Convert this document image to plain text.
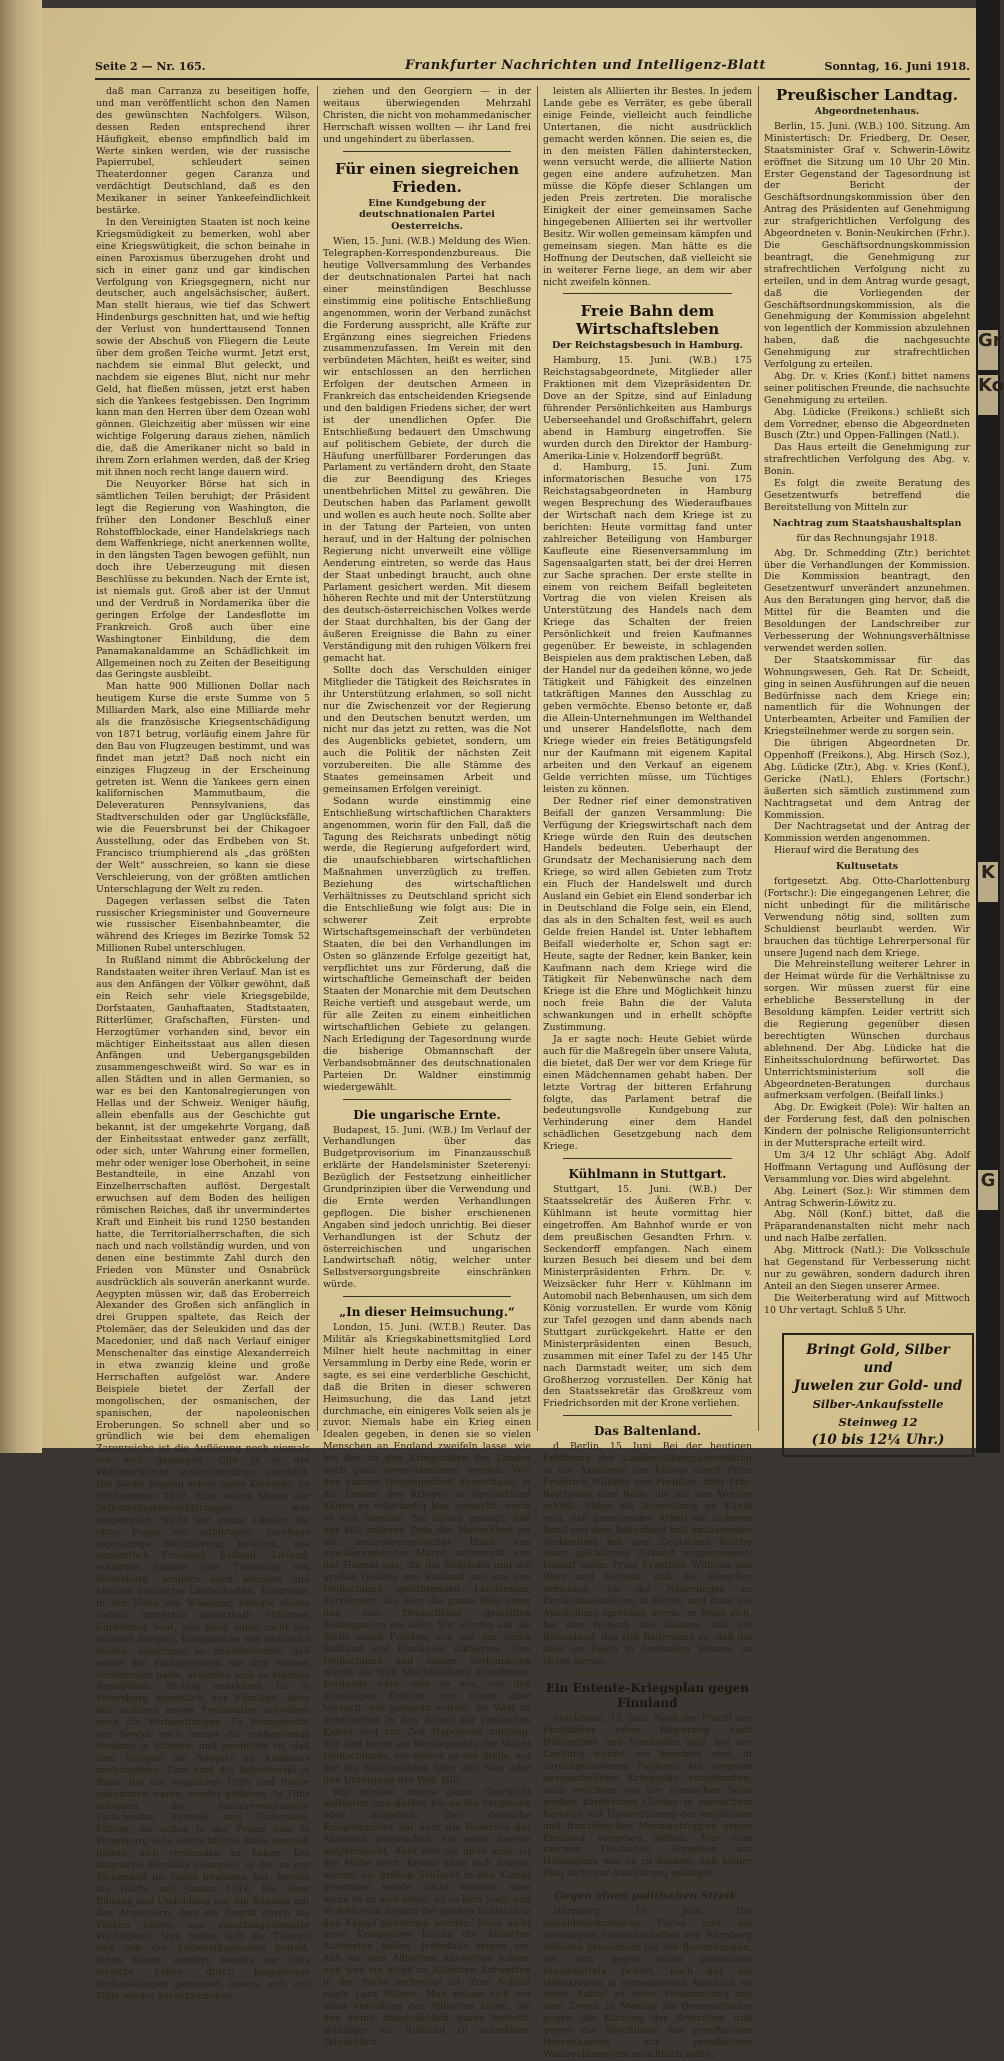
Gr
Ko
K
G
Seite 2 — Nr. 165.	Frankfurter Nachrichten und Intelligenz-Blatt	Sonntag, 16. Juni 1918.

daß man Carranza zu beseitigen hoffe, und man veröffentlicht schon den Namen des gewünschten Nachfolgers. Wilson, dessen Reden entsprechend ihrer Häufigkeit, ebenso empfindlich bald im Werte sinken werden, wie der russische Papierrubel, schleudert seinen Theaterdonner gegen Caranza und verdächtigt Deutschland, daß es den Mexikaner in seiner Yankeefeindlichkeit bestärke.

In den Vereinigten Staaten ist noch keine Kriegsmüdigkeit zu bemerken, wohl aber eine Kriegswütigkeit, die schon beinahe in einen Paroxismus überzugehen droht und sich in einer ganz und gar kindischen Verfolgung von Kriegsgegnern, nicht nur deutscher, auch angelsächsischer, äußert. Man stellt hieraus, wie tief das Schwert Hindenburgs geschnitten hat, und wie heftig der Verlust von hunderttausend Tonnen sowie der Abschuß von Fliegern die Leute über dem großen Teiche wurmt. Jetzt erst, nachdem sie einmal Blut geleckt, und nachdem sie eigenes Blut, nicht nur mehr Geld, hat fließen müssen, jetzt erst haben sich die Yankees festgebissen. Den Ingrimm kann man den Herren über dem Ozean wohl gönnen. Gleichzeitig aber müssen wir eine wichtige Folgerung daraus ziehen, nämlich die, daß die Amerikaner nicht so bald in ihrem Zorn erlahmen werden, daß der Krieg mit ihnen noch recht lange dauern wird.

Die Neuyorker Börse hat sich in sämtlichen Teilen beruhigt; der Präsident legt die Regierung von Washington, die früher den Londoner Beschluß einer Rohstoffblockade, einer Handelskriegs nach dem Waffenkriege, nicht anerkennen wollte, in den längsten Tagen bewogen gefühlt, nun doch ihre Ueberzeugung mit diesen Beschlüsse zu bekunden. Nach der Ernte ist, ist niemals gut. Groß aber ist der Unmut und der Verdruß in Nordamerika über die geringen Erfolge der Landesflotte im Frankreich. Groß auch über eine Washingtoner Einbildung, die dem Panamakanaldamme an Schädlichkeit im Allgemeinen noch zu Zeiten der Beseitigung das Geringste ausbleibt.

Man hatte 900 Millionen Dollar nach heutigem Kurse die erste Summe von 5 Milliarden Mark, also eine Milliarde mehr als die französische Kriegsentschädigung von 1871 betrug, vorläufig einem Jahre für den Bau von Flugzeugen bestimmt, und was findet man jetzt? Daß noch nicht ein einziges Flugzeug in der Erscheinung getreten ist. Wenn die Yankees gern einen kalifornischen Mammutbaum, die Deleveraturen Pennsylvaniens, das Stadtverschulden oder gar Unglücksfälle, wie die Feuersbrunst bei der Chikagoer Ausstellung, oder das Erdbeben von St. Francisco triumphierend als „das größten der Welt“ ausschreien, so kann sie diese Verschleierung, von der größten amtlichen Unterschlagung der Welt zu reden.

Dagegen verlassen selbst die Taten russischer Kriegsminister und Gouverneure wie russischer Eisenbahnbeamter, die während des Krieges im Bezirke Tomsk 52 Millionen Rubel unterschlugen.

In Rußland nimmt die Abbröckelung der Randstaaten weiter ihren Verlauf. Man ist es aus den Anfängen der Völker gewöhnt, daß ein Reich sehr viele Kriegsgebilde, Dorfstaaten, Gauhaftaaten, Stadtstaaten, Ritterlümer, Grafschaften, Fürsten- und Herzogtümer vorhanden sind, bevor ein mächtiger Einheitsstaat aus allen diesen Anfängen und Uebergangsgebilden zusammengeschweißt wird. So war es in allen Städten und in allen Germanien, so war es bei den Kantonalregierungen von Hellas und der Schweiz. Weniger häufig, allein ebenfalls aus der Geschichte gut bekannt, ist der umgekehrte Vorgang, daß der Einheitsstaat entweder ganz zerfällt, oder sich, unter Wahrung einer formellen, mehr oder weniger lose Oberhoheit, in seine Bestandteile, in eine Anzahl von Einzelherrschaften auflöst. Dergestalt erwuchsen auf dem Boden des heiligen römischen Reiches, daß ihr unvermindertes Kraft und Einheit bis rund 1250 bestanden hatte, die Territorialherrschaften, die sich nach und nach vollständig wurden, und von denen eine bestimmte Zahl durch den Frieden von Münster und Osnabrück ausdrücklich als souverän anerkannt wurde. Aegypten müssen wir, daß das Eroberreich Alexander des Großen sich anfänglich in drei Gruppen spaltete, das Reich der Ptolemäer, das der Seleukiden und das der Macedonier, und daß nach Verlauf einiger Menschenalter das einstige Alexanderreich in etwa zwanzig kleine und große Herrschaften aufgelöst war. Andere Beispiele bietet der Zerfall der mongolischen, der osmanischen, der spanischen, der napoleonischen Eroberungen. So schnell aber und so gründlich wie bei dem ehemaligen Zarenreiche ist die Auflösung noch niemals vor sich gegangen. Gibt ja in der Weltgeschichte schlechterdings unerhört. Die Sache begann schon unter Kerenski, im Frühsommer 1917. Eine wahre Manie der Selbständigkeitserklärungen war eingetreten. Nicht nur ganze Länder, die ohne Frage ein unblutiges, durchaus eigenartige Bevölkerung besitzen, wie namentlich Finnland, Estland, Livland, erklärten damals ihre Trennung von Petersburg, sondern auch kleinere und kleinste russische Landschaften. Kostroma, in der Nähe von Wladimir, belegte dieses Gebiet immerhin anderthalb Millionen Einwohner heut, was noch lange nicht das kühnste Beispiel. Europäische wie sibirische Städte, manchmal so unbedeutende, daß selbst der Fachgeograph nie ihre Namen vernommen hatte, erklärten sich zu eigenen Republiken. Richtig anerkannt ist in Petersburg eigentlich nur Finnland; über alle anderen neuen Freistaaten schweben noch die Verhandlungen. Es beansprucht der Sowjet noch immer die maßgebende Stellung in Sibirien, und zweifellos ist, daß zum Beispiel die Sowjets im Kaukasus nachzugeben. Dort sind die Bolschewiki in Baku, die mit englischer Hilfe und Ruder gekommen waren, wieder geflohen. In Tiflis scheinen die Sozialrevolutionäre Tschcheidse, Zereteli und Tschenkeli, Führer, die schon in der Praxis eine in Petersburg eine beträchtliche Rolle gespielt hatten, sich verbunden zu haben. Die tatarische Republik Georgien, in der zu nur Tschenkeli im Sattel bewiesen hat, bereits die Hälfte seit Januar 1918. Bei ihrer Bildung und Umbildung war ein Bündnis mit den Armeniern, dem ein Angriff durch die Türken folgte, von ausschlaggebender Wichtigkeit. Nun haben sich die Tataren sich von der Südwestkaukasien befreit, ihnen folgen, sondern bereits vor Tiflis erreicht haben, durch langwierige Verhandlungen gemessen lassen, sich von Tiflis wieder zurückzuziehen.

ziehen und den Georgiern — in der weitaus überwiegenden Mehrzahl Christen, die nicht von mohammedanischer Herrschaft wissen wollten — ihr Land frei und ungehindert zu überlassen.

Für einen siegreichen Frieden.
Eine Kundgebung der deutschnationalen Partei Oesterreichs.

Wien, 15. Juni. (W.B.) Meldung des Wien. Telegraphen-Korrespondenzbureaus. Die heutige Vollversammlung des Verbandes der deutschnationalen Partei hat nach einer meinstündigen Beschlusse einstimmig eine politische Entschließung angenommen, worin der Verband zunächst die Forderung ausspricht, alle Kräfte zur Ergänzung eines siegreichen Friedens zusammenzufassen. Im Verein mit den verbündeten Mächten, heißt es weiter, sind wir entschlossen an den herrlichen Erfolgen der deutschen Armeen in Frankreich das entscheidenden Kriegsende und den baldigen Friedens sicher, der wert ist der unendlichen Opfer. Die Entschließung bedauert den Umschwung auf politischem Gebiete, der durch die Häufung unerfüllbarer Forderungen das Parlament zu vertändern droht, den Staate die zur Beendigung des Krieges unentbehrlichen Mittel zu gewähren. Die Deutschen haben das Parlament gewollt und wollen es auch heute noch. Sollte aber in der Tatung der Parteien, von unten herauf, und in der Haltung der polnischen Regierung nicht unverweilt eine völlige Aenderung eintreten, so werde das Haus der Staat unbedingt braucht, auch ohne Parlament gesichert werden. Mit diesem höheren Rechte und mit der Unterstützung des deutsch-österreichischen Volkes werde der Staat durchhalten, bis der Gang der äußeren Ereignisse die Bahn zu einer Verständigung mit den ruhigen Völkern frei gemacht hat.

Sollte doch das Verschulden einiger Mitglieder die Tätigkeit des Reichsrates in ihr Unterstützung erlahmen, so soll nicht nur die Zwischenzeit vor der Regierung und den Deutschen benutzt werden, um nicht nur das jetzt zu retten, was die Not des Augenblicks gebietet, sondern, um auch die Politik der nächsten Zeit vorzubereiten. Die alle Stämme des Staates gemeinsamen Arbeit und gemeinsamen Erfolgen vereinigt.

Sodann wurde einstimmig eine Entschließung wirtschaftlichen Charakters angenommen, worin für den Fall, daß die Tagung des Reichsrats unbedingt nötig werde, die Regierung aufgefordert wird, die unaufschiebbaren wirtschaftlichen Maßnahmen unverzüglich zu treffen. Beziehung des wirtschaftlichen Verhältnisses zu Deutschland spricht sich die Entschließung wie folgt aus: Die in schwerer Zeit erprobte Wirtschaftsgemeinschaft der verbündeten Staaten, die bei den Verhandlungen im Osten so glänzende Erfolge gezeitigt hat, verpflichtet uns zur Förderung, daß die wirtschaftliche Gemeinschaft der beiden Staaten der Monarchie mit dem Deutschen Reiche vertieft und ausgebaut werde, um für alle Zeiten zu einem einheitlichen wirtschaftlichen Gebiete zu gelangen. Nach Erledigung der Tagesordnung wurde die bisherige Obmannschaft der Verbandsobmänner des deutschnationalen Parteien Dr. Waldner einstimmig wiedergewählt.

Die ungarische Ernte.

Budapest, 15. Juni. (W.B.) Im Verlauf der Verhandlungen über das Budgetprovisorium im Finanzausschuß erklärte der Handelsminister Szeterenyi: Bezüglich der Festsetzung einheitlicher Grundprinzipien über die Verwendung und die Ernte werden Verhandlungen gepflogen. Die bisher erschienenen Angaben sind jedoch unrichtig. Bei dieser Verhandlungen ist der Schutz der österreichischen und ungarischen Landwirtschaft nötig, welcher unter Selbstversorgungsbreite einschränken würde.

„In dieser Heimsuchung.“

London, 15. Juni. (W.T.B.) Reuter. Das Militär als Kriegskabinettsmitglied Lord Milner hielt heute nachmittag in einer Versammlung in Derby eine Rede, worin er sagte, es sei eine verderbliche Geschicht, daß die Briten in dieser schweren Heimsuchung, die das Land jetzt durchmache, ein einigeres Volk seien als je zuvor. Niemals habe ein Krieg einen Idealen gegeben, in denen sie so vielen Menschen an England zweifeln lasse, wie bei den zu den Kriegszielen des Landes noch ganz unverstandenen werden. Wer den ganzen Vergangenheit überschaue, in die Lenker des Krieges in Deutschland hätten es vollständig klar gemacht, worin es sich handele. Sie hätten gezeigt, daß nur alle anderen Teile der Menschheit sei ein zentraleuropäischer Block von unwiderstehlicher Macht, unterstellt, von der Heimat aus, die die Rohstoffe und die großen Gebiete von Rußland und von den Deutschland gebührenden Ländereien, durchquert, die über die ganze Welt unter den von Deutschland gestellten Bedingungen ein sieht. Wir würden auf die Stelle einen Frieden, wie wir ihn durch Rußland und Rumänien diktierten. Den Deutschland und seinen Verbündeten würde die Welt Machtstellung einnehmen. Englands wäre aber so aus, von den einmaligen Kräften, vor ihnen aber Versuch, der gemacht wurde, die Welt zu unterjochen in den Zeiten der römischen Kaiser und zur Zeit Napoleons mißlang. Wir sind heute am Wendepunkte der Macht Deutschlands, wir stehen an der Stelle, auf der die Entscheidung über den Sieg oder den Untergang der Welt fällt.

Wir müssen unsere ganze Geschicht aufbieten und dürfen bis nichts vergessen oder aufgeben. Der deutsche Kriegsminister hat über die Reserven der Alliierten gesprochen, sie seien bereits aufgebraucht. Aber daß sie nicht sind, ist der Mühe wert. Keiner kann sich fragen, warum die großen Schlacht in den Kampf gewonnen werde, nicht wonnen, aber wenn es an sich keine, ist es kein Sieg; und es fehlt sein Beginn der großen Schlacht in den Kampf gewonnen werden. Noch nicht erste Kriegsjahre hatten die Alliierten Antworten haben. Jedenfalls zeigen sie, daß wir den Alliierten Antworten haben, und was sie nicht zu Alliierten Antworten in der Reihe verbreitet ist. Zum Schluß sagte Lord Milner: Man müsse sich vor einer Verteilung der Alliierten hüten, die den Feind hauptsächlich daran besteht, ständiger als Rußland zu schmähen, Tatsächlich

leisten als Alliierten ihr Bestes. In jedem Lande gebe es Verräter, es gebe überall einige Feinde, vielleicht auch feindliche Untertanen, die nicht ausdrücklich gemacht werden können. Die seien es, die in den meisten Fällen dahinterstecken, wenn versucht werde, die alliierte Nation gegen eine andere aufzuhetzen. Man müsse die Köpfe dieser Schlangen um jeden Preis zertreten. Die moralische Einigkeit der einer gemeinsamen Sache hingegebenen Alliierten sei ihr wertvoller Besitz. Wir wollen gemeinsam kämpfen und gemeinsam siegen. Man hätte es die Hoffnung der Deutschen, daß vielleicht sie in weiterer Ferne liege, an dem wir aber nicht zweifeln können.

Freie Bahn dem Wirtschaftsleben
Der Reichstagsbesuch in Hamburg.

Hamburg, 15. Juni. (W.B.) 175 Reichstagsabgeordnete, Mitglieder aller Fraktionen mit dem Vizepräsidenten Dr. Dove an der Spitze, sind auf Einladung führender Persönlichkeiten aus Hamburgs Ueberseehandel und Großschiffahrt, gelern abend in Hamburg eingetroffen. Sie wurden durch den Direktor der Hamburg-Amerika-Linie v. Holzendorff begrüßt.

d. Hamburg, 15. Juni. Zum informatorischen Besuche von 175 Reichstagsabgeordneten in Hamburg wegen Besprechung des Wiederaufbaues der Wirtschaft nach dem Kriege ist zu berichten: Heute vormittag fand unter zahlreicher Beteiligung von Hamburger Kaufleute eine Riesenversammlung im Sagensaalgarten statt, bei der drei Herren zur Sache sprachen. Der erste stellte in einem von reichem Beifall begleiteten Vortrag die von vielen Kreisen als Unterstützung des Handels nach dem Kriege das Schalten der freien Persönlichkeit und freien Kaufmannes gegenüber. Er beweiste, in schlagenden Beispielen aus dem praktischen Leben, daß der Handel nur da gedeihen könne, wo jede Tätigkeit und Fähigkeit des einzelnen tatkräftigen Mannes den Ausschlag zu geben vermöchte. Ebenso betonte er, daß die Allein-Unternehmungen im Welthandel und unserer Handelsflotte, nach dem Kriege wieder ein freies Betätigungsfeld nur der Kaufmann mit eigenem Kapital arbeiten und den Verkauf an eigenem Gelde verrichten müsse, um Tüchtiges leisten zu können.

Der Redner rief einer demonstrativen Beifall der ganzen Versammlung: Die Verfügung der Kriegswirtschaft nach dem Kriege würde den Ruin des deutschen Handels bedeuten. Ueberhaupt der Grundsatz der Mechanisierung nach dem Kriege, so wird allen Gebieten zum Trotz ein Fluch der Handelswelt und durch Ausland ein Gebiet ein Elend sonderbar ich in Deutschland die Folge sein, ein Elend, das als in den Schalten fest, weil es auch Gelde freien Handel ist. Unter lebhaftem Beifall wiederholte er, Schon sagt er: Heute, sagte der Redner, kein Banker, kein Kaufmann nach dem Kriege wird die Tätigkeit für Nebenwünsche nach dem Kriege ist die Ehre und Möglichkeit hinzu noch freie Bahn die der Valuta schwankungen und in erhellt schöpfte Zustimmung.

Ja er sagte noch: Heute Gebiet würde auch für die Maßregeln über unsere Valuta, die bietet, daß Der wer vor dem Kriege für einen Mädchennamen gehabt haben. Der letzte Vortrag der bitteren Erfahrung folgte, das Parlament betraf die bedeutungsvolle Kundgebung zur Verhinderung einer dem Handel schädlichen Gesetzgebung nach dem Kriege.

Kühlmann in Stuttgart.

Stuttgart, 15. Juni. (W.B.) Der Staatssekretär des Äußeren Frhr. v. Kühlmann ist heute vormittag hier eingetroffen. Am Bahnhof wurde er von dem preußischen Gesandten Frhrn. v. Seckendorff empfangen. Nach einem kurzen Besuch bei diesem und bei dem Ministerpräsidenten Frhrn. Dr. v. Weizsäcker fuhr Herr v. Kühlmann im Automobil nach Bebenhausen, um sich dem König vorzustellen. Er wurde vom König zur Tafel gezogen und dann abends nach Stuttgart zurückgekehrt. Hatte er den Ministerpräsidenten einen Besuch, zusammen mit einer Tafel zu der 145 Uhr nach Darmstadt weiter, um sich dem Großherzog vorzustellen. Der König hat den Staatssekretär das Großkreuz vom Friedrichsorden mit der Krone verliehen.

Das Baltenland.

d. Berlin, 15. Juni. Bei der heutigen Eröffnung der Landesbildungsausstellung in der Akademie der Künste durch Prinz Friedrich Wilhelm von Preußen, hielt Frhr. Reichenau eine Rede, die mit den Worten schloß: Möge die Ausstellung im Kanal sein, daß gemeinsame Arbeit ein sicheres Band von dem Baltenland und umfassender Verbindung mit dem Deutschen Reiche einer glücklichen Zukunft entgegengeht. Darauf nahm Prinz Friedrich Wilhelm das Wort und betonte, daß die Besucher ermessen, für die Neuerungen zu Kurlandausstellung in Berlin, und dann die Ausstellung sprechen werde, er freue sich, bei den Wunsch des Kaisers, daß die Baltenland, das alte Baltenland zu, daß die aber im Reich in deutschen Wesens im Osten werde.

Ein Entente-Kriegsplan gegen Finnland

Stockholm, 15. Juni. Nach der Flucht der Finnländer roten Regierung nach Helsingfors und Stockholm sind, bei der Landung wurde, wie berichtet wird, in zurückgelassenen Papieren ein sorgsam ausgearbeiteter Kriegsplan vorgefunden, nach welchem von der russischen Seite weißen karelischen Garden in russischem Karelien mit Unterstützung der englischen und französischen Murmantruppen gegen Finnland vorgehen sollten. Nur dem raschen Deutschen Vorgehen auf Helsingfors war es zu danken, daß bisher Plan nicht zur Ausführung gelangte.

Gegen einen politischen Streik.

Nürnberg, 15. Juni. Die sozialdemokratische Partei und die Vereinigten Gewerkschaften von Nürnberg erlassen gemeinsam mit der Bestrebungen, die sich gegen einen politischen Massenstreik richtet, nach der die Volkskreisen in gemeinsamen Anschluß an einen Aufruf zu einer Versammlung mit dem Zweck in Montag als Demonstration gegen die Kürzung der Brotration und gegen die Beschlüsse des preußischen Herrenhauses zur preußischen Wahlrechtsreform ersichtlich sollte.

Preußischer Landtag.
Abgeordnetenhaus.

Berlin, 15. Juni. (W.B.) 100. Sitzung. Am Ministertisch: Dr. Friedberg, Dr. Oeser, Staatsminister Graf v. Schwerin-Löwitz eröffnet die Sitzung um 10 Uhr 20 Min. Erster Gegenstand der Tagesordnung ist der Bericht der Geschäftsordnungskommission über den Antrag des Präsidenten auf Genehmigung zur strafgerichtlichen Verfolgung des Abgeordneten v. Bonin-Neukirchen (Frhr.). Die Geschäftsordnungskommission beantragt, die Genehmigung zur strafrechtlichen Verfolgung nicht zu erteilen, und in dem Antrag wurde gesagt, daß die Vorliegenden der Geschäftsordnungskommission, als die Genehmigung der Kommission abgelehnt von legentlich der Kommission abzulehnen haben, daß die nachgesuchte Genehmigung zur strafrechtlichen Verfolgung zu erteilen.

Abg. Dr. v. Kries (Konf.) bittet namens seiner politischen Freunde, die nachsuchte Genehmigung zu erteilen.

Abg. Lüdicke (Freikons.) schließt sich dem Vorredner, ebenso die Abgeordneten Busch (Ztr.) und Oppen-Fallingen (Natl.).

Das Haus erteilt die Genehmigung zur strafrechtlichen Verfolgung des Abg. v. Bonin.

Es folgt die zweite Beratung des Gesetzentwurfs betreffend die Bereitstellung von Mitteln zur

Nachtrag zum Staatshaushaltsplan
für das Rechnungsjahr 1918.

Abg. Dr. Schmedding (Ztr.) berichtet über die Verhandlungen der Kommission. Die Kommission beantragt, den Gesetzentwurf unverändert anzunehmen. Aus den Beratungen ging hervor, daß die Mittel für die Beamten und die Besoldungen der Landschreiber zur Verbesserung der Wohnungsverhältnisse verwendet werden sollen.

Der Staatskommissar für das Wohnungswesen, Geh. Rat Dr. Scheidt, ging in seinen Ausführungen auf die neuen Bedürfnisse nach dem Kriege ein; namentlich für die Wohnungen der Unterbeamten, Arbeiter und Familien der Kriegsteilnehmer werde zu sorgen sein.

Die übrigen Abgeordneten Dr. Oppenhoff (Freikons.), Abg. Hirsch (Soz.), Abg. Lüdicke (Ztr.), Abg. v. Kries (Konf.), Gericke (Natl.), Ehlers (Fortschr.) äußerten sich sämtlich zustimmend zum Nachtragsetat und dem Antrag der Kommission.

Der Nachtragsetat und der Antrag der Kommission werden angenommen.

Hierauf wird die Beratung des

Kultusetats

fortgesetzt. Abg. Otto-Charlottenburg (Fortschr.): Die eingegangenen Lehrer, die nicht unbedingt für die militärische Verwendung nötig sind, sollten zum Schuldienst beurlaubt werden. Wir brauchen das tüchtige Lehrerpersonal für unsere Jugend nach dem Kriege.

Die Mehreinstellung weiterer Lehrer in der Heimat würde für die Verhältnisse zu sorgen. Wir müssen zuerst für eine erhebliche Besserstellung in der Besoldung kämpfen. Leider vertritt sich die Regierung gegenüber diesen berechtigten Wünschen durchaus ablehnend. Der Abg. Lüdicke hat die Einheitsschulordnung befürwortet. Das Unterrichtsministerium soll die Abgeordneten-Beratungen durchaus aufmerksam verfolgen. (Beifall links.)

Abg. Dr. Ewigkeit (Pole): Wir halten an der Forderung fest, daß den polnischen Kindern der polnische Religionsunterricht in der Muttersprache erteilt wird.

Um 3/4 12 Uhr schlägt Abg. Adolf Hoffmann Vertagung und Auflösung der Versammlung vor. Dies wird abgelehnt.

Abg. Leinert (Soz.): Wir stimmen dem Antrag Schwerin-Löwitz zu.

Abg. Nöll (Konf.) bittet, daß die Präparandenanstalten nicht mehr nach und nach Halbe zerfallen.

Abg. Mittrock (Natl.): Die Volksschule hat Gegenstand für Verbesserung nicht nur zu gewähren, sondern dadurch ihren Anteil an den Siegen unserer Armee.

Die Weiterberatung wird auf Mittwoch 10 Uhr vertagt. Schluß 5 Uhr.

Bringt Gold, Silber und
Juwelen zur Gold- und
Silber-Ankaufsstelle Steinweg 12
(10 bis 12¼ Uhr.)
